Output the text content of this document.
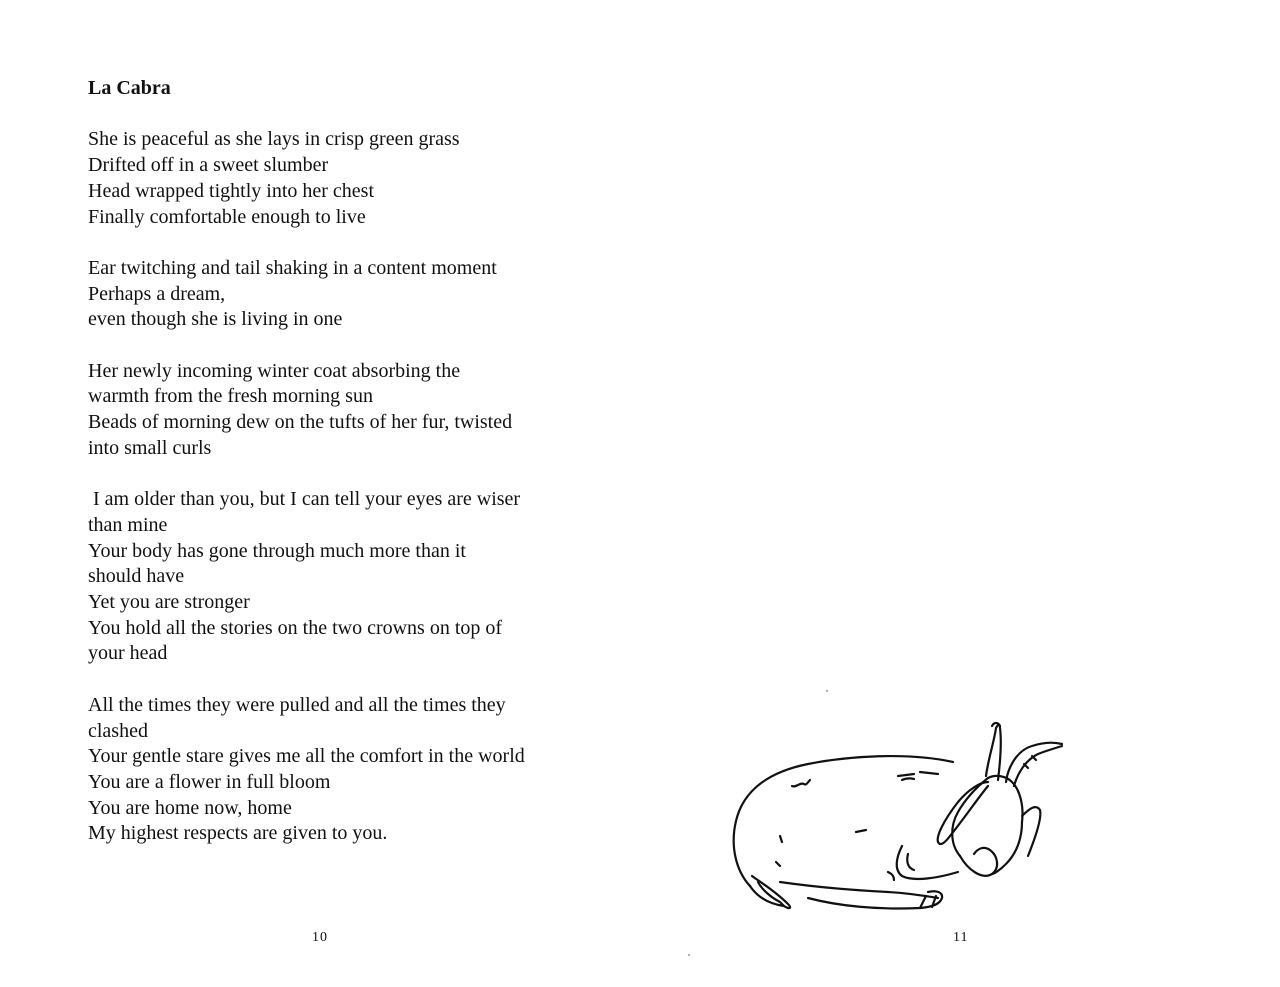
La Cabra
She is peaceful as she lays in crisp green grass
Drifted off in a sweet slumber
Head wrapped tightly into her chest
Finally comfortable enough to live
Ear twitching and tail shaking in a content moment
Perhaps a dream,
even though she is living in one
Her newly incoming winter coat absorbing the
warmth from the fresh morning sun
Beads of morning dew on the tufts of her fur, twisted
into small curls
I am older than you, but I can tell your eyes are wiser
than mine
Your body has gone through much more than it
should have
Yet you are stronger
You hold all the stories on the two crowns on top of
your head
All the times they were pulled and all the times they
clashed
Your gentle stare gives me all the comfort in the world
You are a flower in full bloom
You are home now, home
My highest respects are given to you.
10	11
